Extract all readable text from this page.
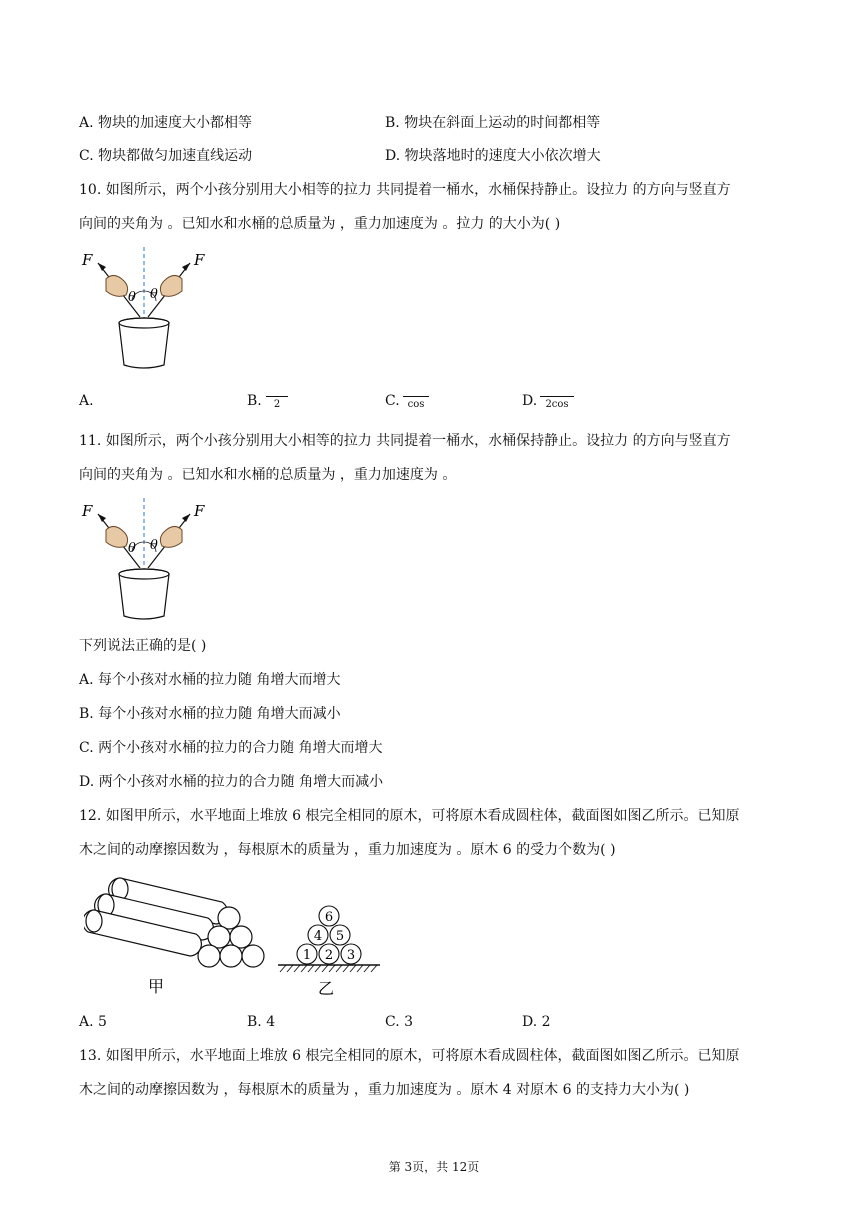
A. 物块的加速度大小都相等	B. 物块在斜面上运动的时间都相等
C. 物块都做匀加速直线运动	D. 物块落地时的速度大小依次增大
10. 如图所示，两个小孩分别用大小相等的拉力 共同提着一桶水，水桶保持静止。设拉力 的方向与竖直方
向间的夹角为 。已知水和水桶的总质量为 ，重力加速度为 。拉力 的大小为( )
F	F
θ θ
A.	B.	2	C. cos	D. 2cos
11. 如图所示，两个小孩分别用大小相等的拉力 共同提着一桶水，水桶保持静止。设拉力 的方向与竖直方
向间的夹角为 。已知水和水桶的总质量为 ，重力加速度为 。
F	F
θ θ
下列说法正确的是( )
A. 每个小孩对水桶的拉力随 角增大而增大
B. 每个小孩对水桶的拉力随 角增大而减小
C. 两个小孩对水桶的拉力的合力随 角增大而增大
D. 两个小孩对水桶的拉力的合力随 角增大而减小
12. 如图甲所示，水平地面上堆放 6 根完全相同的原木，可将原木看成圆柱体，截面图如图乙所示。已知原
木之间的动摩擦因数为 ，每根原木的质量为 ，重力加速度为 。原木 6 的受力个数为( )
甲
1 2 3
4 5
6
乙
A. 5	B. 4	C. 3	D. 2
13. 如图甲所示，水平地面上堆放 6 根完全相同的原木，可将原木看成圆柱体，截面图如图乙所示。已知原
木之间的动摩擦因数为 ，每根原木的质量为 ，重力加速度为 。原木 4 对原木 6 的支持力大小为( )
第 3页，共 12页
